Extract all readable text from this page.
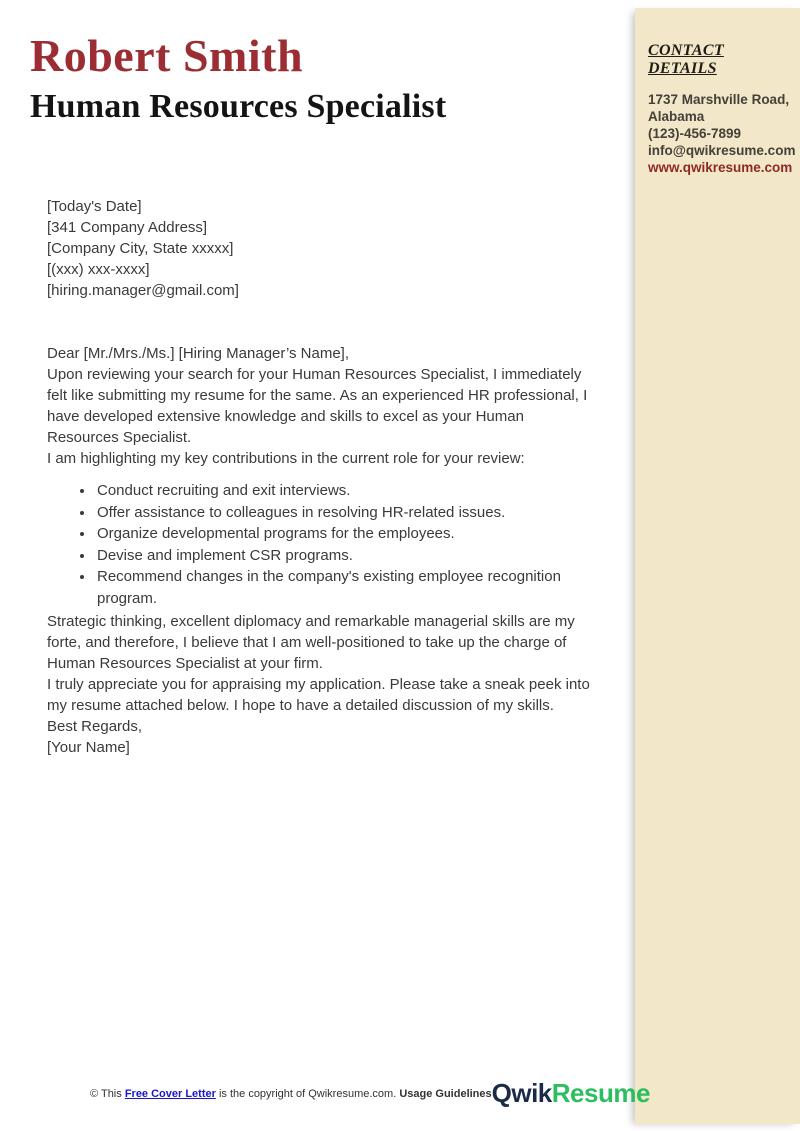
Robert Smith
Human Resources Specialist
CONTACT DETAILS
1737 Marshville Road,
Alabama
(123)-456-7899
info@qwikresume.com
www.qwikresume.com

[Today's Date]

[341 Company Address]

[Company City, State xxxxx]

[(xxx) xxx-xxxx]

[hiring.manager@gmail.com]

Dear [Mr./Mrs./Ms.] [Hiring Manager’s Name],

Upon reviewing your search for your Human Resources Specialist, I immediately felt like submitting my resume for the same. As an experienced HR professional, I have developed extensive knowledge and skills to excel as your Human Resources Specialist.

I am highlighting my key contributions in the current role for your review:

• Conduct recruiting and exit interviews.
• Offer assistance to colleagues in resolving HR-related issues.
• Organize developmental programs for the employees.
• Devise and implement CSR programs.
• Recommend changes in the company's existing employee recognition program.

Strategic thinking, excellent diplomacy and remarkable managerial skills are my forte, and therefore, I believe that I am well-positioned to take up the charge of Human Resources Specialist at your firm.

I truly appreciate you for appraising my application. Please take a sneak peek into my resume attached below. I hope to have a detailed discussion of my skills.

Best Regards,

[Your Name]

© This Free Cover Letter is the copyright of Qwikresume.com. Usage Guidelines QwikResume
